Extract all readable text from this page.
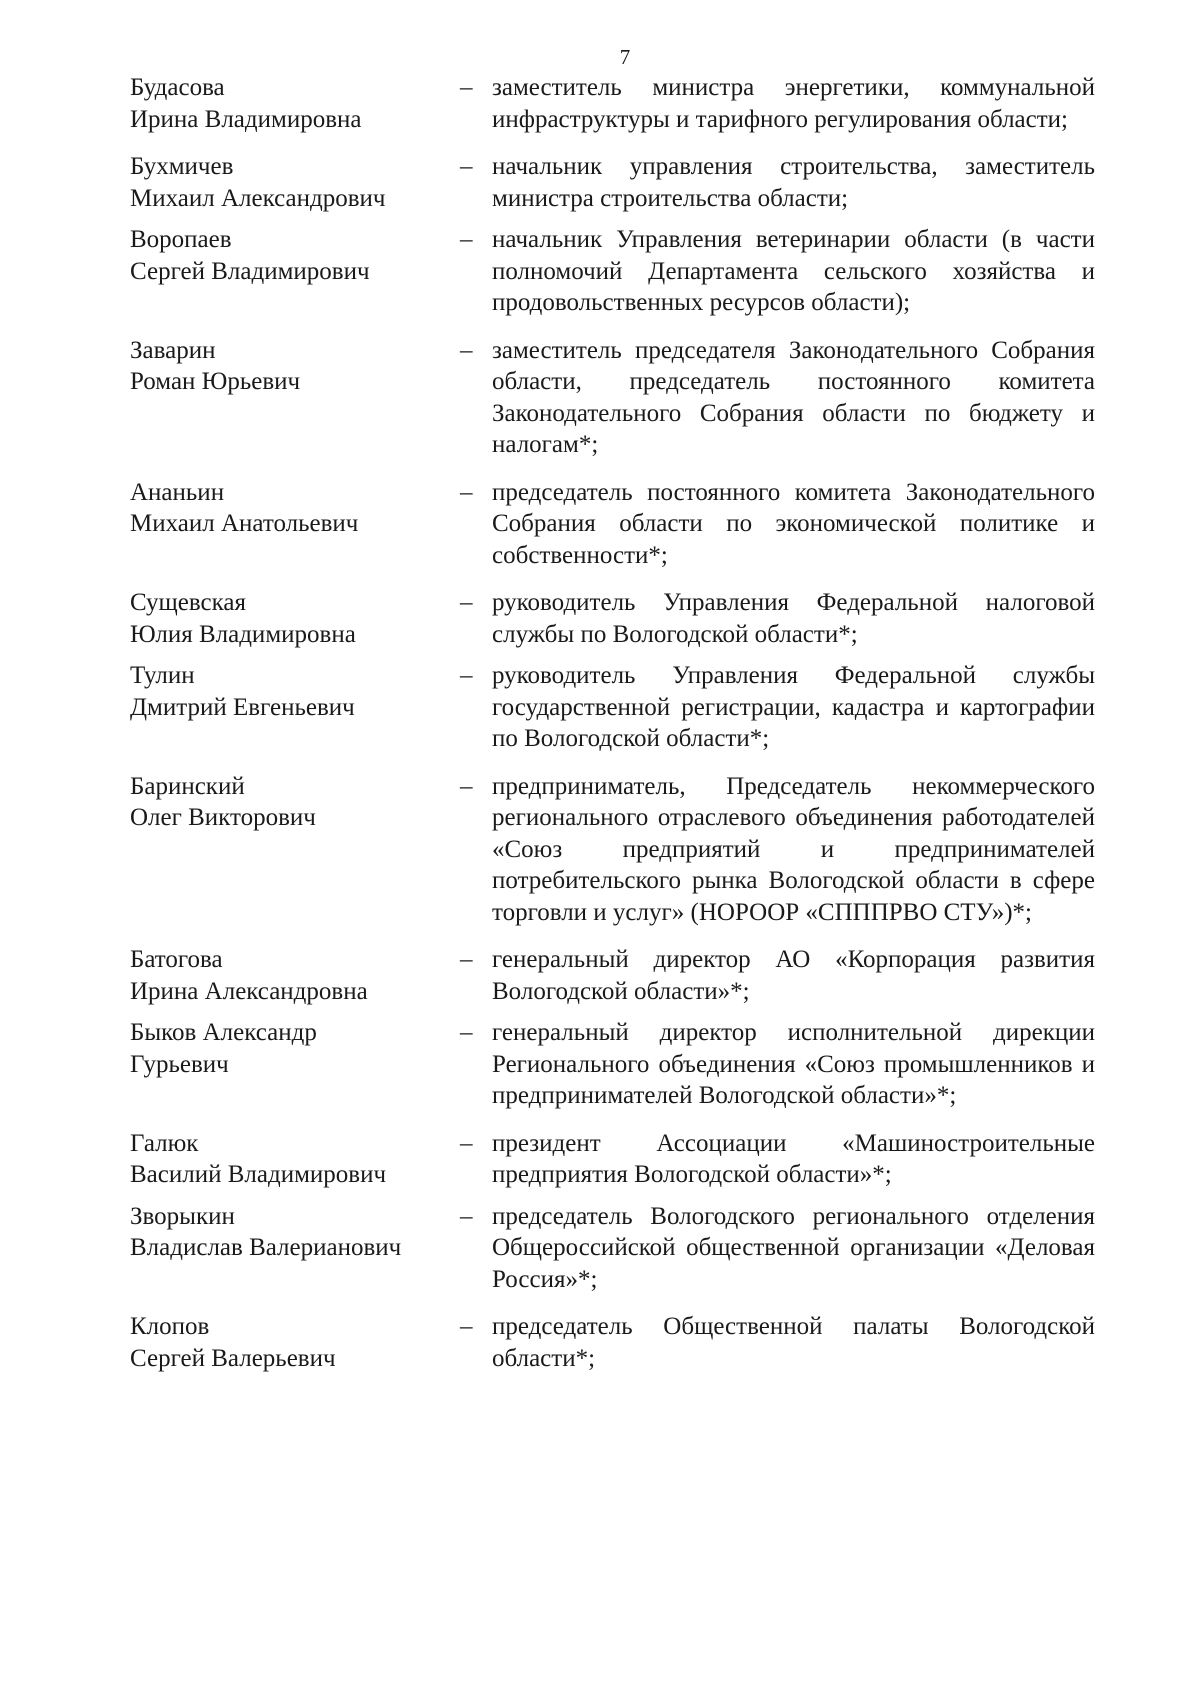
7
Будасова
Ирина Владимировна
– заместитель министра энергетики, коммунальной инфраструктуры и тарифного регулирования области;
Бухмичев
Михаил Александрович
– начальник управления строительства, заместитель министра строительства области;
Воропаев
Сергей Владимирович
– начальник Управления ветеринарии области (в части полномочий Департамента сельского хозяйства и продовольственных ресурсов области);
Заварин
Роман Юрьевич
– заместитель председателя Законодательного Собрания области, председатель постоянного комитета Законодательного Собрания области по бюджету и налогам*;
Ананьин
Михаил Анатольевич
– председатель постоянного комитета Законодательного Собрания области по экономической политике и собственности*;
Сущевская
Юлия Владимировна
– руководитель Управления Федеральной налоговой службы по Вологодской области*;
Тулин
Дмитрий Евгеньевич
– руководитель Управления Федеральной службы государственной регистрации, кадастра и картографии по Вологодской области*;
Баринский
Олег Викторович
– предприниматель, Председатель некоммерческого регионального отраслевого объединения работодателей «Союз предприятий и предпринимателей потребительского рынка Вологодской области в сфере торговли и услуг» (НОРООР «СПППРВО СТУ»)*;
Батогова
Ирина Александровна
– генеральный директор АО «Корпорация развития Вологодской области»*;
Быков Александр
Гурьевич
– генеральный директор исполнительной дирекции Регионального объединения «Союз промышленников и предпринимателей Вологодской области»*;
Галюк
Василий Владимирович
– президент Ассоциации «Машиностроительные предприятия Вологодской области»*;
Зворыкин
Владислав Валерианович
– председатель Вологодского регионального отделения Общероссийской общественной организации «Деловая Россия»*;
Клопов
Сергей Валерьевич
– председатель Общественной палаты Вологодской области*;
